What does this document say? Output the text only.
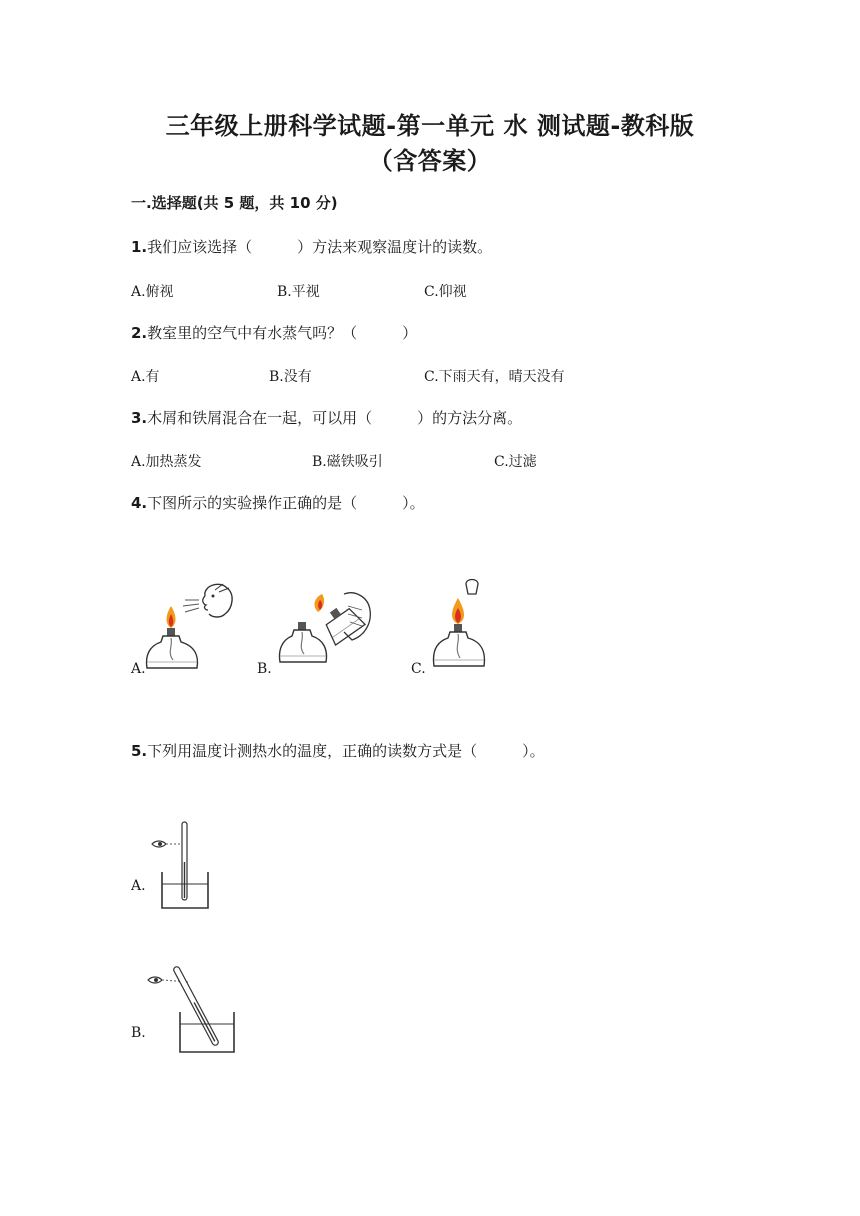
三年级上册科学试题-第一单元 水 测试题-教科版
（含答案）
一.选择题(共 5 题，共 10 分)
1.我们应该选择（　　　）方法来观察温度计的读数。
A.俯视	B.平视	C.仰视
2.教室里的空气中有水蒸气吗？（　　　）
A.有	B.没有	C.下雨天有，晴天没有
3.木屑和铁屑混合在一起，可以用（　　　）的方法分离。
A.加热蒸发	B.磁铁吸引	C.过滤
4.下图所示的实验操作正确的是（　　　）。
A.	B.	C.
5.下列用温度计测热水的温度，正确的读数方式是（　　　）。
A.
B.
